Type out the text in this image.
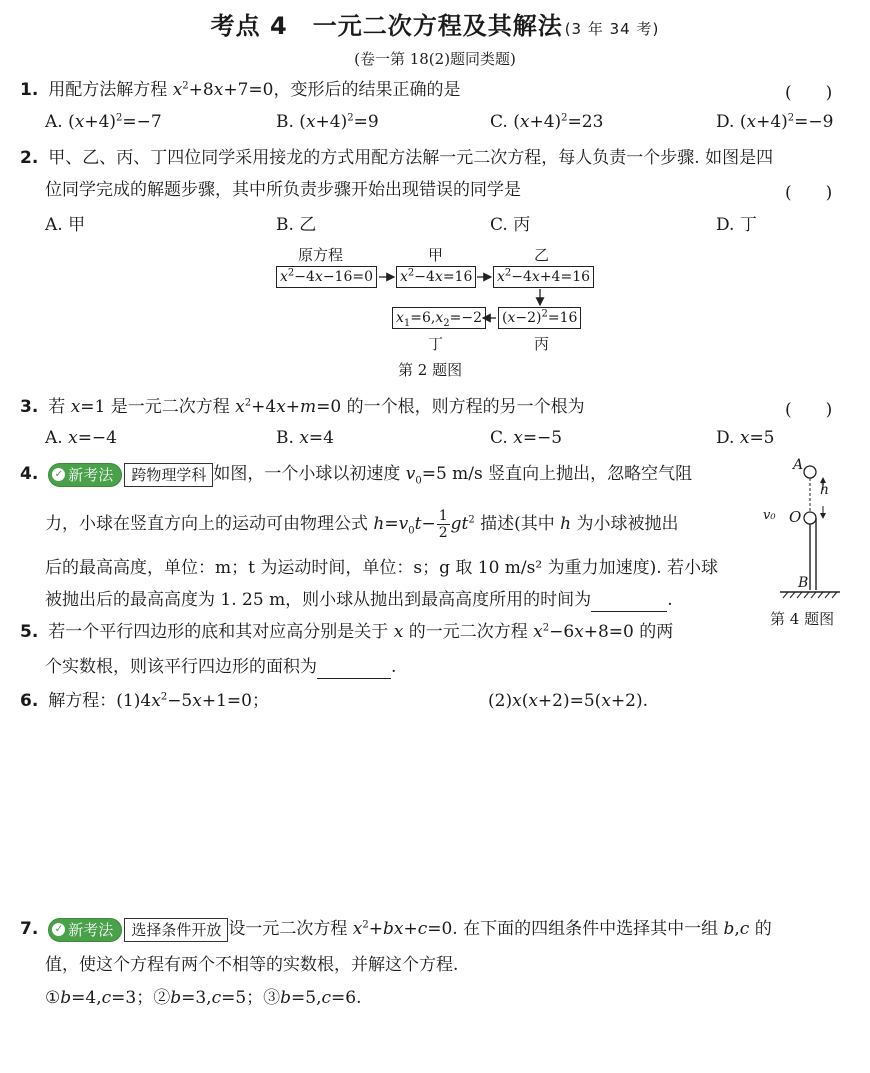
考点 4　一元二次方程及其解法 (3 年 34 考)
(卷一第 18(2)题同类题)
1. 用配方法解方程 $x^2+8x+7=0$，变形后的结果正确的是	(　　)
A. $(x+4)^2=-7$	B. $(x+4)^2=9$	C. $(x+4)^2=23$	D. $(x+4)^2=-9$
2. 甲、乙、丙、丁四位同学采用接龙的方式用配方法解一元二次方程，每人负责一个步骤. 如图是四
位同学完成的解题步骤，其中所负责步骤开始出现错误的同学是	(　　)
A. 甲	B. 乙	C. 丙	D. 丁
原方程	甲	乙
$x^2-4x-16=0$ $x^2-4x=16$ $x^2-4x+4=16$
$x_1=6,x_2=-2$ $(x-2)^2=16$
丁	丙
第 2 题图
3. 若 x=1 是一元二次方程 $x^2+4x+m=0$ 的一个根，则方程的另一个根为	(　　)
A. x=−4	B. x=4	C. x=−5	D. x=5
4. ✓ 新考法 跨物理学科 如图，一个小球以初速度 $v_0=5$ m/s 竖直向上抛出，忽略空气阻
力，小球在竖直方向上的运动可由物理公式 $h=v_0t- \frac{1}{2} gt^2$ 描述(其中 h 为小球被抛出
后的最高高度，单位：m；t 为运动时间，单位：s；g 取 10 m/s² 为重力加速度). 若小球
被抛出后的最高高度为 1. 25 m，则小球从抛出到最高高度所用的时间为	.
A
O
B
h
v₀
第 4 题图
5. 若一个平行四边形的底和其对应高分别是关于 x 的一元二次方程 $x^2-6x+8=0$ 的两
个实数根，则该平行四边形的面积为	.
6. 解方程：$(1)4x^2-5x+1=0$；	(2)x(x+2)=5(x+2).
7. ✓ 新考法 选择条件开放 设一元二次方程 $x^2+bx+c=0$. 在下面的四组条件中选择其中一组 b,c 的
值，使这个方程有两个不相等的实数根，并解这个方程.
①b=4,c=3；②b=3,c=5；③b=5,c=6.
